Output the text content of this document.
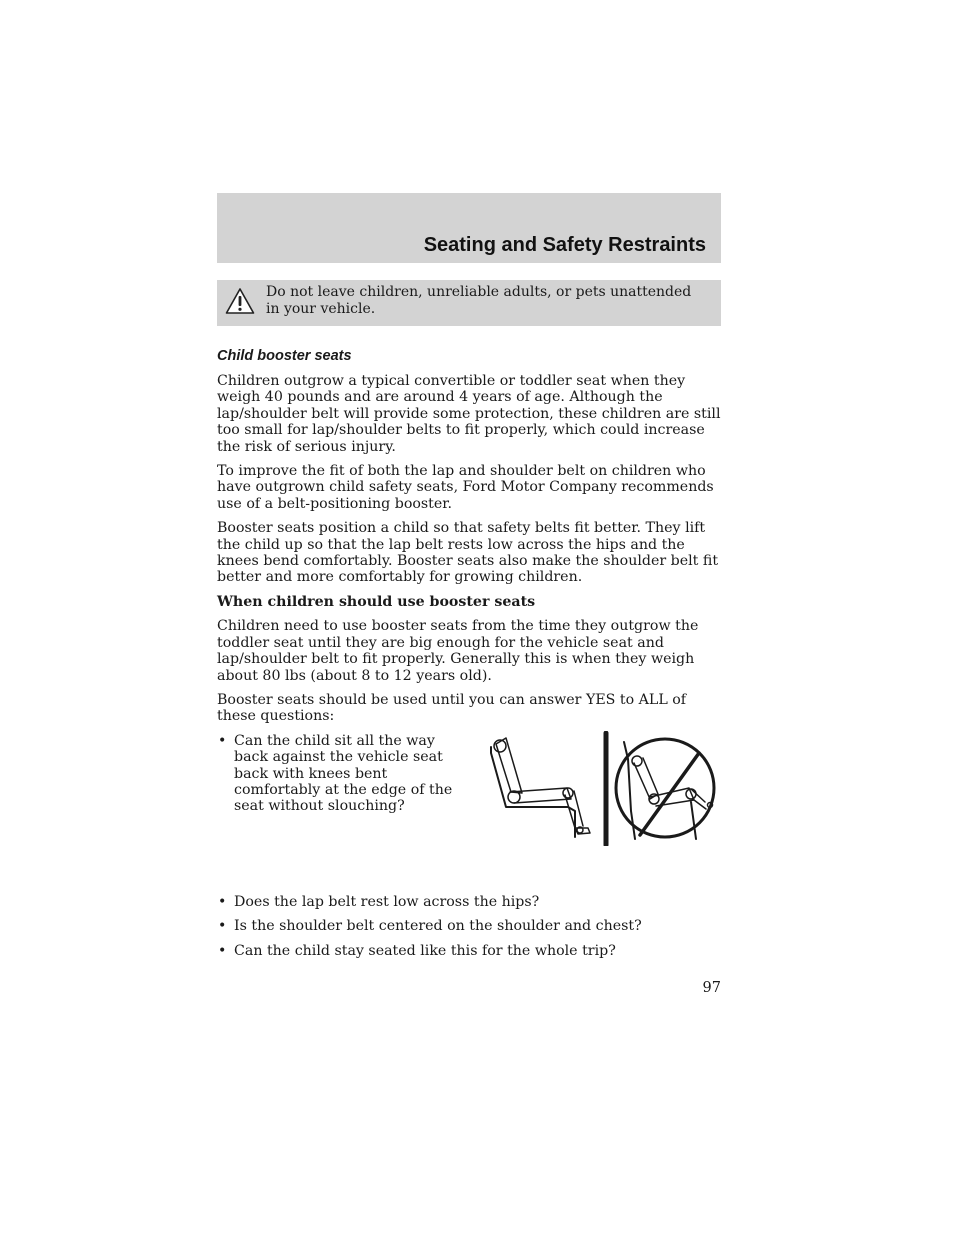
Seating and Safety Restraints

Do not leave children, unreliable adults, or pets unattended in your vehicle.

Child booster seats

Children outgrow a typical convertible or toddler seat when they weigh 40 pounds and are around 4 years of age. Although the lap/shoulder belt will provide some protection, these children are still too small for lap/shoulder belts to fit properly, which could increase the risk of serious injury.

To improve the fit of both the lap and shoulder belt on children who have outgrown child safety seats, Ford Motor Company recommends use of a belt-positioning booster.

Booster seats position a child so that safety belts fit better. They lift the child up so that the lap belt rests low across the hips and the knees bend comfortably. Booster seats also make the shoulder belt fit better and more comfortably for growing children.

When children should use booster seats

Children need to use booster seats from the time they outgrow the toddler seat until they are big enough for the vehicle seat and lap/shoulder belt to fit properly. Generally this is when they weigh about 80 lbs (about 8 to 12 years old).

Booster seats should be used until you can answer YES to ALL of these questions:

• Can the child sit all the way back against the vehicle seat back with knees bent comfortably at the edge of the seat without slouching?
• Does the lap belt rest low across the hips?
• Is the shoulder belt centered on the shoulder and chest?
• Can the child stay seated like this for the whole trip?
97
